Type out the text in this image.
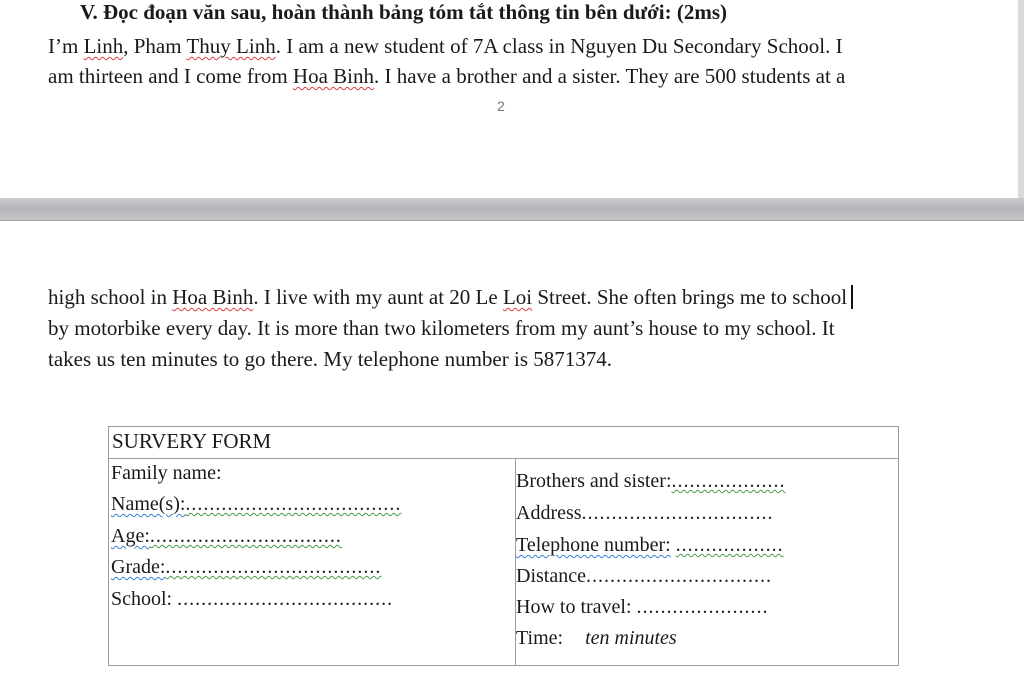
V. Đọc đoạn văn sau, hoàn thành bảng tóm tắt thông tin bên dưới: (2ms)
I’m Linh, Pham Thuy Linh. I am a new student of 7A class in Nguyen Du Secondary School. I
am thirteen and I come from Hoa Binh. I have a brother and a sister. They are 500 students at a
2
high school in Hoa Binh. I live with my aunt at 20 Le Loi Street. She often brings me to school
by motorbike every day. It is more than two kilometers from my aunt’s house to my school. It
takes us ten minutes to go there. My telephone number is 5871374.
SURVERY FORM
Family name:
Name(s):....................................
Age:................................
Grade:....................................
School: ....................................
Brothers and sister:...................
Address................................
Telephone number: ..................
Distance...............................
How to travel: ......................
Time: ten minutes
